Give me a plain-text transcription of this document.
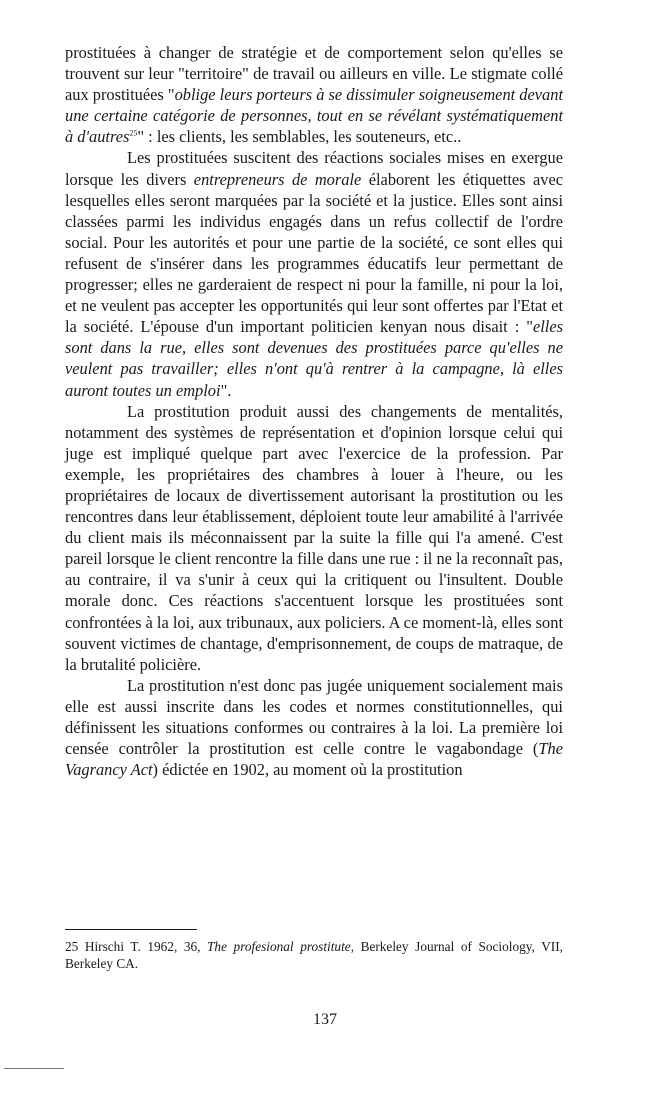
prostituées à changer de stratégie et de comportement selon qu'elles se trouvent sur leur "territoire" de travail ou ailleurs en ville. Le stigmate collé aux prostituées "oblige leurs porteurs à se dissimuler soigneusement devant une certaine catégorie de personnes, tout en se révélant systématiquement à d'autres$^{25}$" : les clients, les semblables, les souteneurs, etc..

Les prostituées suscitent des réactions sociales mises en exergue lorsque les divers entrepreneurs de morale élaborent les étiquettes avec lesquelles elles seront marquées par la société et la justice. Elles sont ainsi classées parmi les individus engagés dans un refus collectif de l'ordre social. Pour les autorités et pour une partie de la société, ce sont elles qui refusent de s'insérer dans les programmes éducatifs leur permettant de progresser; elles ne garderaient de respect ni pour la famille, ni pour la loi, et ne veulent pas accepter les opportunités qui leur sont offertes par l'Etat et la société. L'épouse d'un important politicien kenyan nous disait : "elles sont dans la rue, elles sont devenues des prostituées parce qu'elles ne veulent pas travailler; elles n'ont qu'à rentrer à la campagne, là elles auront toutes un emploi".

La prostitution produit aussi des changements de mentalités, notamment des systèmes de représentation et d'opinion lorsque celui qui juge est impliqué quelque part avec l'exercice de la profession. Par exemple, les propriétaires des chambres à louer à l'heure, ou les propriétaires de locaux de divertissement autorisant la prostitution ou les rencontres dans leur établissement, déploient toute leur amabilité à l'arrivée du client mais ils méconnaissent par la suite la fille qui l'a amené. C'est pareil lorsque le client rencontre la fille dans une rue : il ne la reconnaît pas, au contraire, il va s'unir à ceux qui la critiquent ou l'insultent. Double morale donc. Ces réactions s'accentuent lorsque les prostituées sont confrontées à la loi, aux tribunaux, aux policiers. A ce moment-là, elles sont souvent victimes de chantage, d'emprisonnement, de coups de matraque, de la brutalité policière.

La prostitution n'est donc pas jugée uniquement socialement mais elle est aussi inscrite dans les codes et normes constitutionnelles, qui définissent les situations conformes ou contraires à la loi. La première loi censée contrôler la prostitution est celle contre le vagabondage (The Vagrancy Act) édictée en 1902, au moment où la prostitution

25 Hirschi T. 1962, 36, The profesional prostitute, Berkeley Journal of Sociology, VII, Berkeley CA.
137
